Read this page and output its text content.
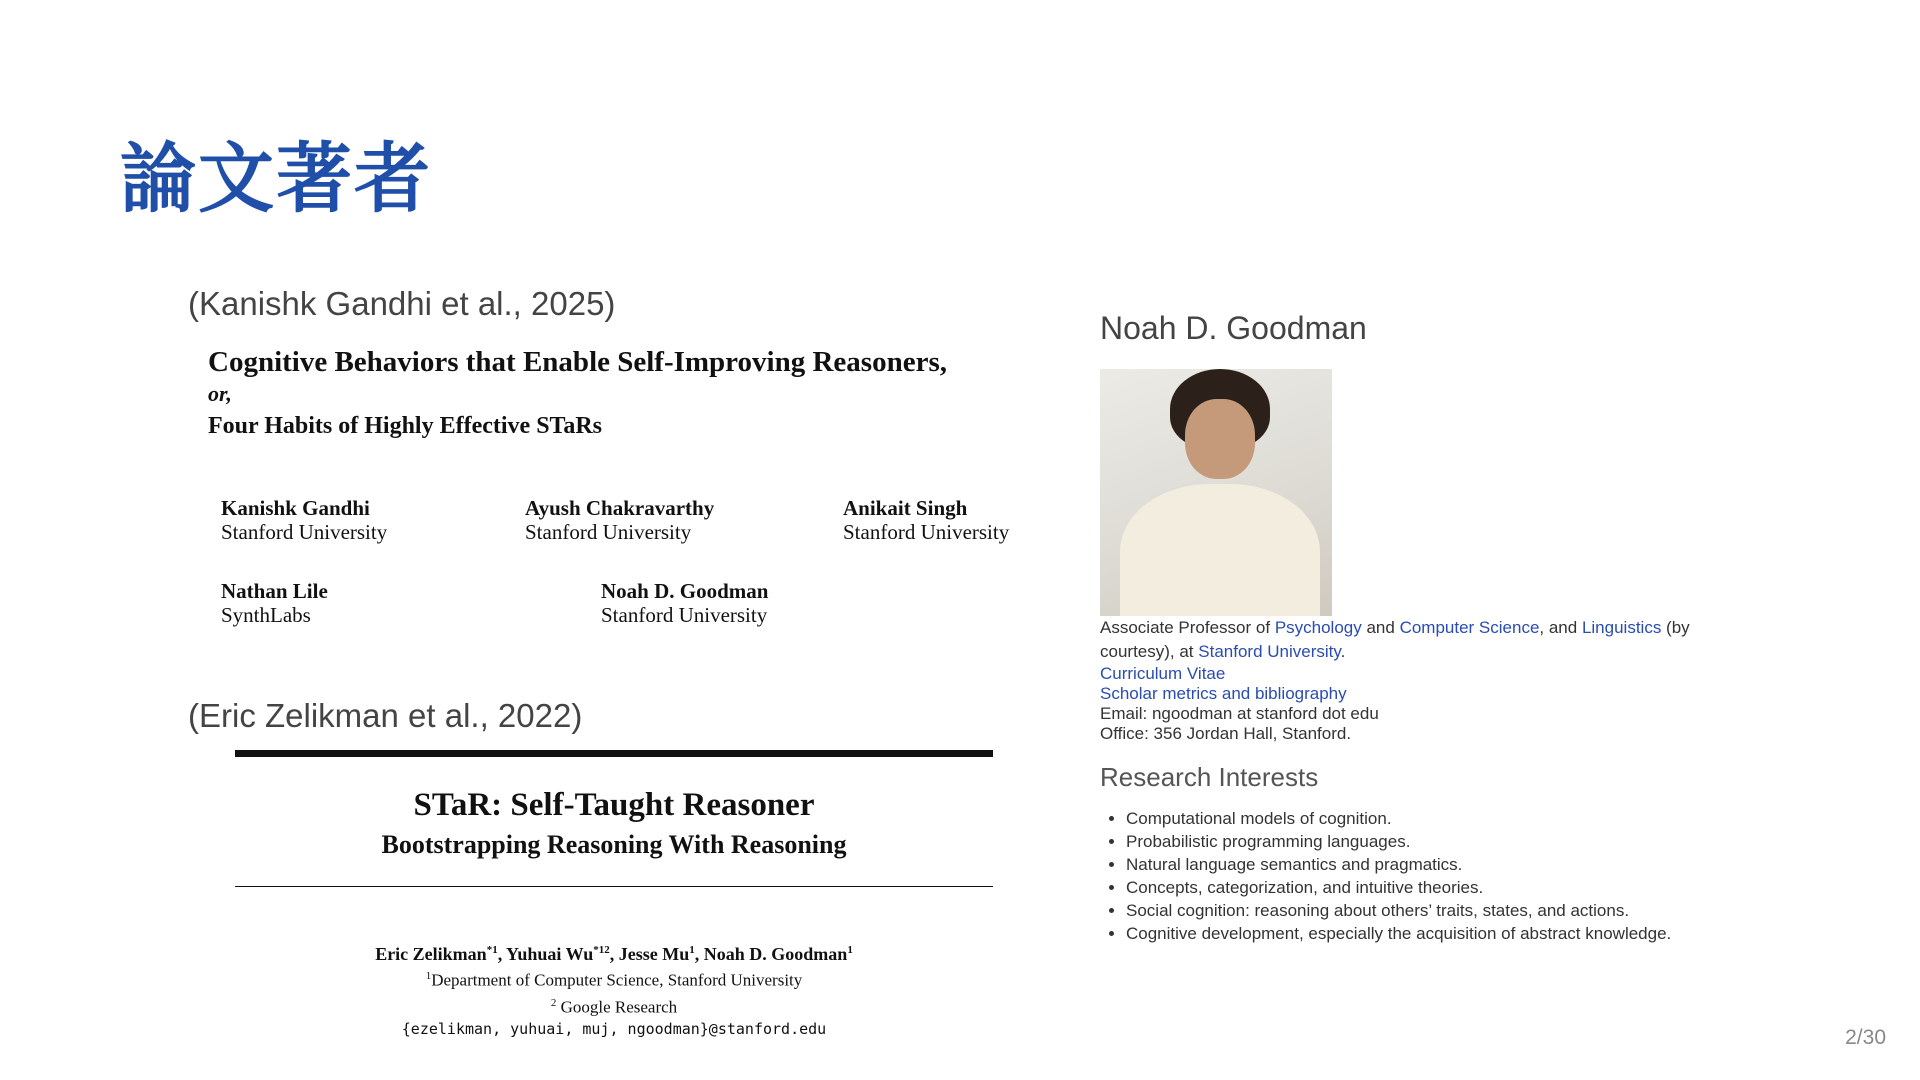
論文著者
(Kanishk Gandhi et al., 2025)
Cognitive Behaviors that Enable Self-Improving Reasoners,
or,
Four Habits of Highly Effective STaRs
Kanishk Gandhi
Stanford University
Ayush Chakravarthy
Stanford University
Anikait Singh
Stanford University
Nathan Lile
SynthLabs
Noah D. Goodman
Stanford University
(Eric Zelikman et al., 2022)
STaR: Self-Taught Reasoner
Bootstrapping Reasoning With Reasoning
Eric Zelikman$^{*1}$, Yuhuai Wu$^{*12}$, Jesse Mu$^1$, Noah D. Goodman$^1$
$^1$Department of Computer Science, Stanford University
$^2$ Google Research
{ezelikman, yuhuai, muj, ngoodman}@stanford.edu
Noah D. Goodman

Associate Professor of Psychology and Computer Science, and Linguistics (by courtesy), at Stanford University.

Curriculum Vitae

Scholar metrics and bibliography

Email: ngoodman at stanford dot edu

Office: 356 Jordan Hall, Stanford.

Research Interests
• Computational models of cognition.
• Probabilistic programming languages.
• Natural language semantics and pragmatics.
• Concepts, categorization, and intuitive theories.
• Social cognition: reasoning about others’ traits, states, and actions.
• Cognitive development, especially the acquisition of abstract knowledge.
2/30
